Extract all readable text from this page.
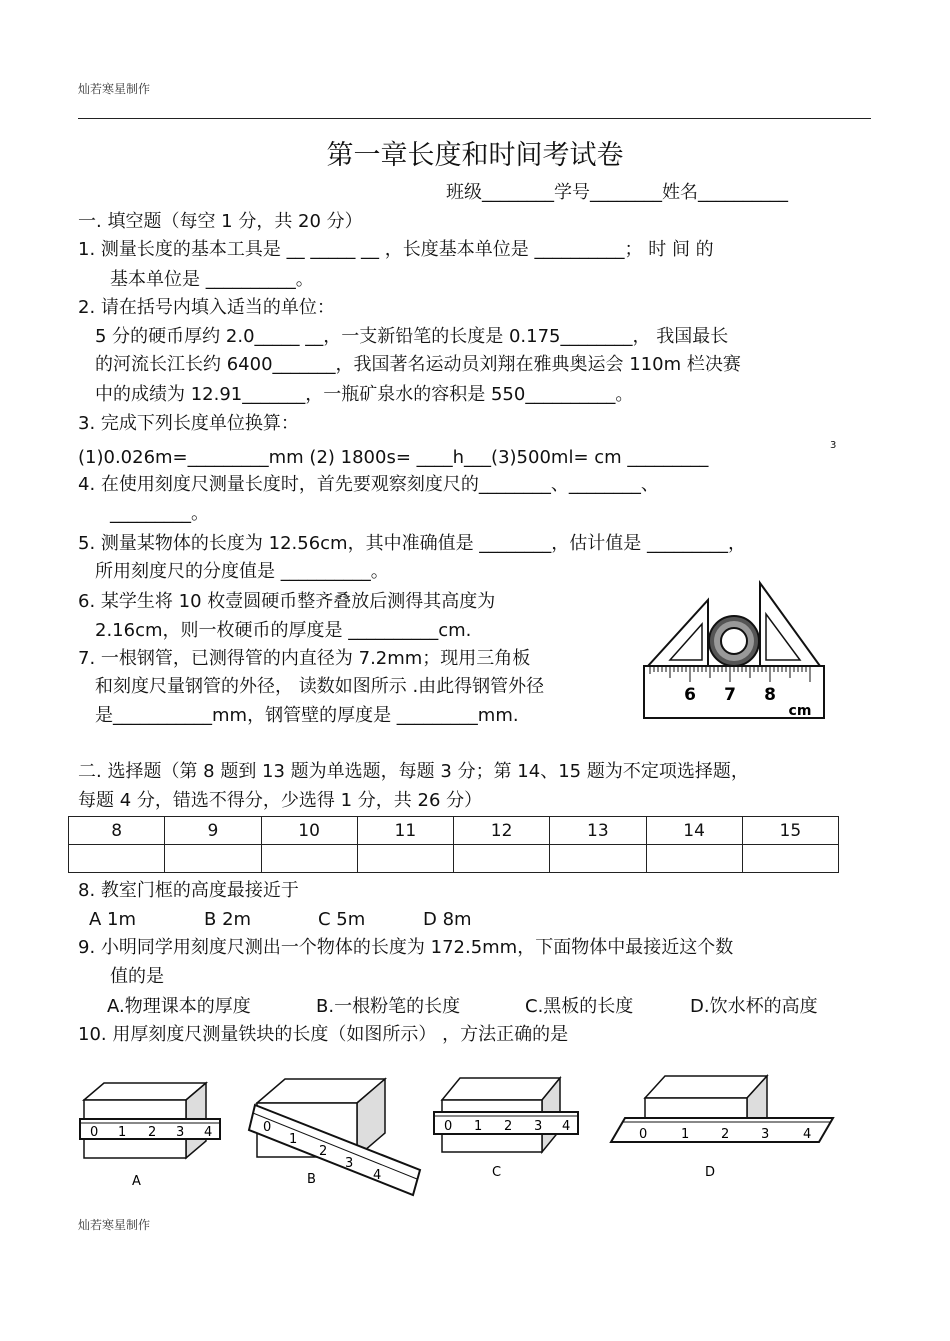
灿若寒星制作
第一章长度和时间考试卷
班级________学号________姓名__________
一. 填空题（每空 1 分，共 20 分）
1. 测量长度的基本工具是 __ _____ __ ，长度基本单位是 __________； 时 间 的
基本单位是 __________。
2. 请在括号内填入适当的单位：
5 分的硬币厚约 2.0_____ __，一支新铅笔的长度是 0.175________， 我国最长
的河流长江长约 6400_______，我国著名运动员刘翔在雅典奥运会 110m 栏决赛
中的成绩为 12.91_______，一瓶矿泉水的容积是 550__________。
3. 完成下列长度单位换算：
(1)0.026m=_________mm (2) 1800s= ____h___(3)500ml= cm _________
3
4. 在使用刻度尺测量长度时，首先要观察刻度尺的________、________、
_________。
5. 测量某物体的长度为 12.56cm，其中准确值是 ________，估计值是 _________，
所用刻度尺的分度值是 __________。
6. 某学生将 10 枚壹圆硬币整齐叠放后测得其高度为
2.16cm，则一枚硬币的厚度是 __________cm.
7. 一根钢管，已测得管的内直径为 7.2mm；现用三角板
和刻度尺量钢管的外径， 读数如图所示 .由此得钢管外径
是___________mm，钢管壁的厚度是 _________mm.
6 7 8
cm
二. 选择题（第 8 题到 13 题为单选题，每题 3 分；第 14、15 题为不定项选择题，
每题 4 分，错选不得分，少选得 1 分，共 26 分）
8	9	10	11	12	13	14	15

8. 教室门框的高度最接近于
A 1m	B 2m	C 5m	D 8m
9. 小明同学用刻度尺测出一个物体的长度为 172.5mm，下面物体中最接近这个数
值的是
A.物理课本的厚度	B.一根粉笔的长度	C.黑板的长度	D.饮水杯的高度
10. 用厚刻度尺测量铁块的长度（如图所示） ，方法正确的是
0 1 2 3 4
A
0
1
2
3
4
B
0 1 2 3 4
C
0	1 2 3	4
D
灿若寒星制作
